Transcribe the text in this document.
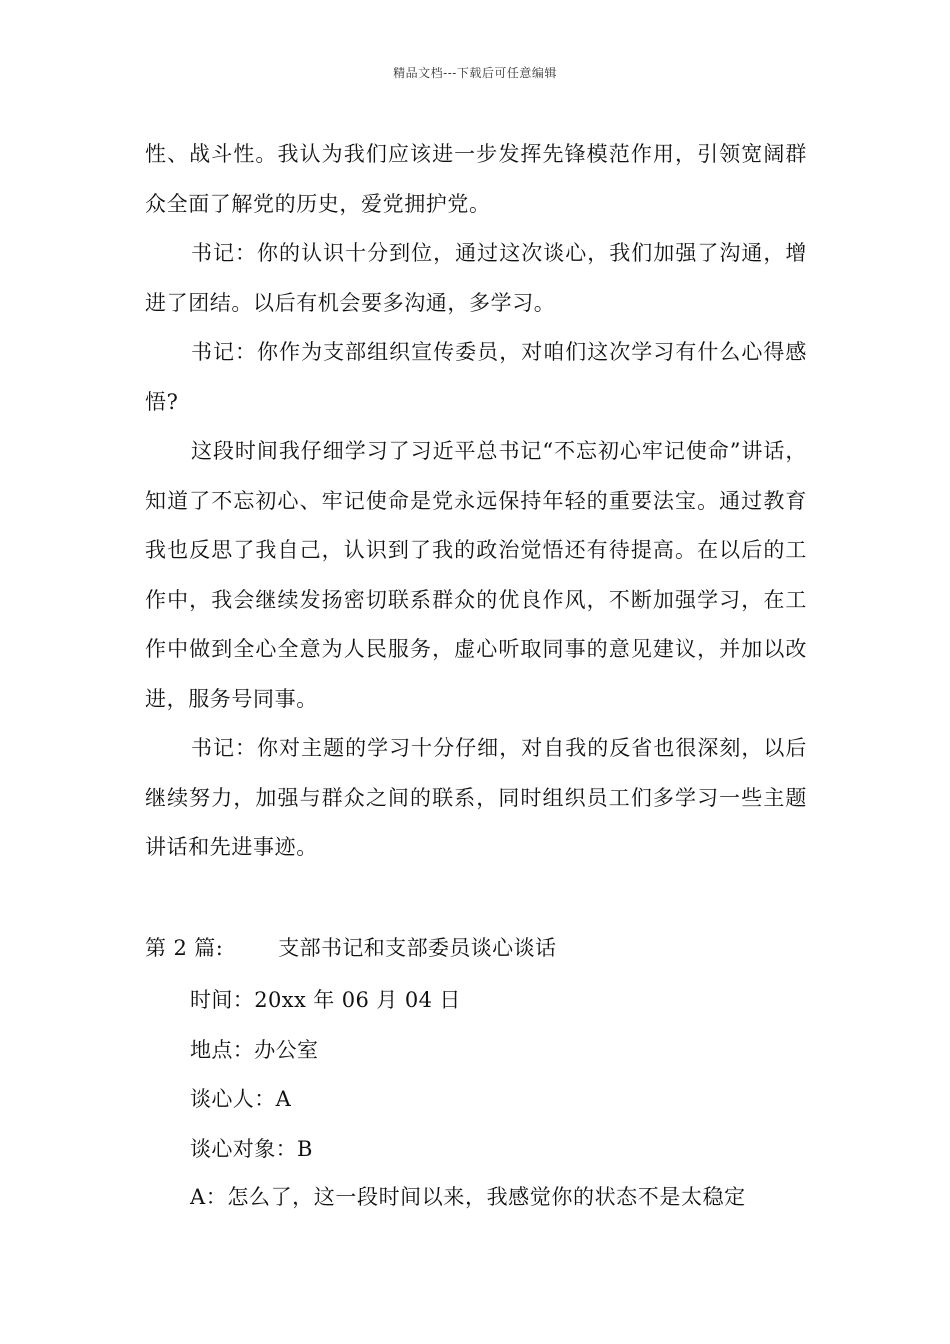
精品文档---下载后可任意编辑

性、战斗性。我认为我们应该进一步发挥先锋模范作用，引领宽阔群众全面了解党的历史，爱党拥护党。

书记：你的认识十分到位，通过这次谈心，我们加强了沟通，增进了团结。以后有机会要多沟通，多学习。

书记：你作为支部组织宣传委员，对咱们这次学习有什么心得感悟?

这段时间我仔细学习了习近平总书记“不忘初心牢记使命”讲话，知道了不忘初心、牢记使命是党永远保持年轻的重要法宝。通过教育我也反思了我自己，认识到了我的政治觉悟还有待提高。在以后的工作中，我会继续发扬密切联系群众的优良作风，不断加强学习，在工作中做到全心全意为人民服务，虚心听取同事的意见建议，并加以改进，服务号同事。

书记：你对主题的学习十分仔细，对自我的反省也很深刻，以后继续努力，加强与群众之间的联系，同时组织员工们多学习一些主题讲话和先进事迹。

第 2 篇:	支部书记和支部委员谈心谈话

时间：20xx 年 06 月 04 日

地点：办公室

谈心人：A

谈心对象：B

A：怎么了，这一段时间以来，我感觉你的状态不是太稳定
